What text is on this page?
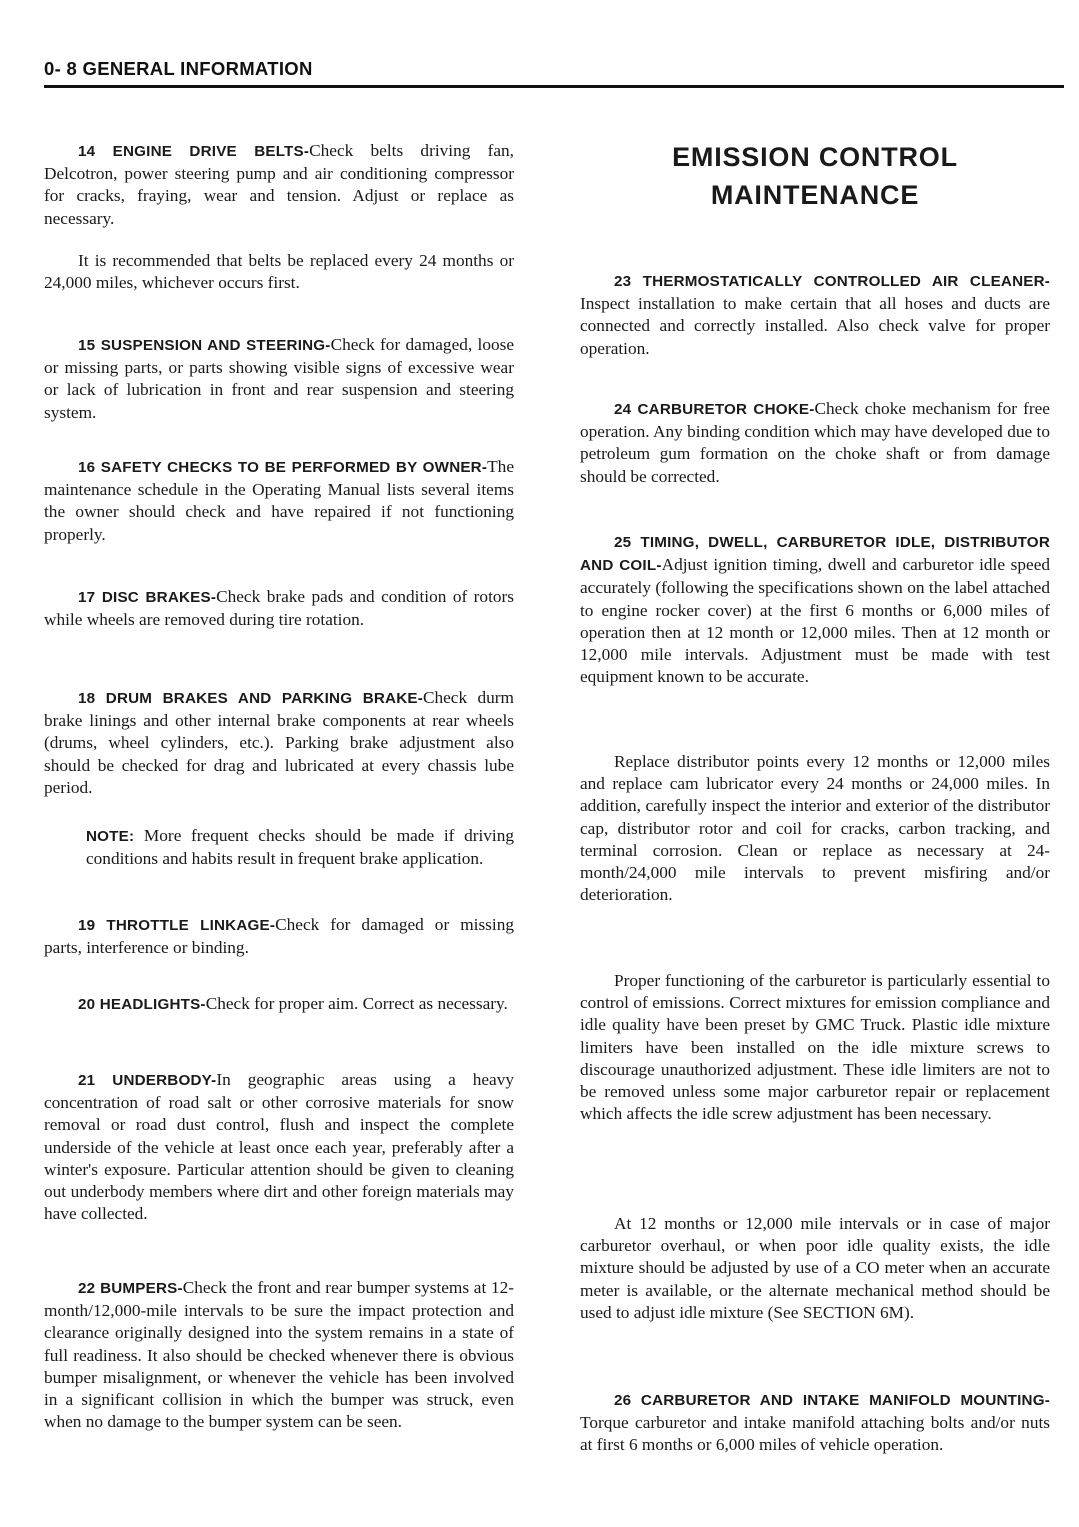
0- 8 GENERAL INFORMATION
EMISSION CONTROL
MAINTENANCE

14 ENGINE DRIVE BELTS-Check belts driving fan, Delcotron, power steering pump and air conditioning compressor for cracks, fraying, wear and tension. Adjust or replace as necessary.

It is recommended that belts be replaced every 24 months or 24,000 miles, whichever occurs first.

15 SUSPENSION AND STEERING-Check for damaged, loose or missing parts, or parts showing visible signs of excessive wear or lack of lubrication in front and rear suspension and steering system.

16 SAFETY CHECKS TO BE PERFORMED BY OWNER-The maintenance schedule in the Operating Manual lists several items the owner should check and have repaired if not functioning properly.

17 DISC BRAKES-Check brake pads and condition of rotors while wheels are removed during tire rotation.

18 DRUM BRAKES AND PARKING BRAKE-Check durm brake linings and other internal brake components at rear wheels (drums, wheel cylinders, etc.). Parking brake adjustment also should be checked for drag and lubricated at every chassis lube period.

NOTE: More frequent checks should be made if driving conditions and habits result in frequent brake application.

19 THROTTLE LINKAGE-Check for damaged or missing parts, interference or binding.

20 HEADLIGHTS-Check for proper aim. Correct as necessary.

21 UNDERBODY-In geographic areas using a heavy concentration of road salt or other corrosive materials for snow removal or road dust control, flush and inspect the complete underside of the vehicle at least once each year, preferably after a winter's exposure. Particular attention should be given to cleaning out underbody members where dirt and other foreign materials may have collected.

22 BUMPERS-Check the front and rear bumper systems at 12-month/12,000-mile intervals to be sure the impact protection and clearance originally designed into the system remains in a state of full readiness. It also should be checked whenever there is obvious bumper misalignment, or whenever the vehicle has been involved in a significant collision in which the bumper was struck, even when no damage to the bumper system can be seen.

23 THERMOSTATICALLY CONTROLLED AIR CLEANER-Inspect installation to make certain that all hoses and ducts are connected and correctly installed. Also check valve for proper operation.

24 CARBURETOR CHOKE-Check choke mechanism for free operation. Any binding condition which may have developed due to petroleum gum formation on the choke shaft or from damage should be corrected.

25 TIMING, DWELL, CARBURETOR IDLE, DISTRIBUTOR AND COIL-Adjust ignition timing, dwell and carburetor idle speed accurately (following the specifications shown on the label attached to engine rocker cover) at the first 6 months or 6,000 miles of operation then at 12 month or 12,000 miles. Then at 12 month or 12,000 mile intervals. Adjustment must be made with test equipment known to be accurate.

Replace distributor points every 12 months or 12,000 miles and replace cam lubricator every 24 months or 24,000 miles. In addition, carefully inspect the interior and exterior of the distributor cap, distributor rotor and coil for cracks, carbon tracking, and terminal corrosion. Clean or replace as necessary at 24-month/24,000 mile intervals to prevent misfiring and/or deterioration.

Proper functioning of the carburetor is particularly essential to control of emissions. Correct mixtures for emission compliance and idle quality have been preset by GMC Truck. Plastic idle mixture limiters have been installed on the idle mixture screws to discourage unauthorized adjustment. These idle limiters are not to be removed unless some major carburetor repair or replacement which affects the idle screw adjustment has been necessary.

At 12 months or 12,000 mile intervals or in case of major carburetor overhaul, or when poor idle quality exists, the idle mixture should be adjusted by use of a CO meter when an accurate meter is available, or the alternate mechanical method should be used to adjust idle mixture (See SECTION 6M).

26 CARBURETOR AND INTAKE MANIFOLD MOUNTING-Torque carburetor and intake manifold attaching bolts and/or nuts at first 6 months or 6,000 miles of vehicle operation.
